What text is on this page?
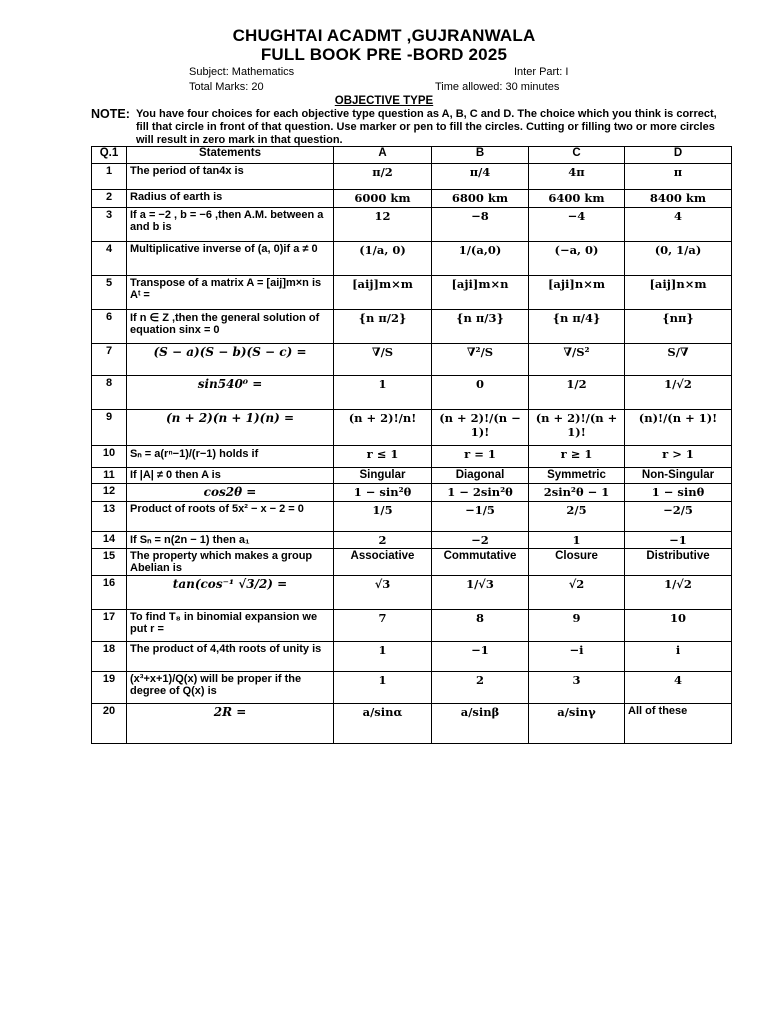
CHUGHTAI ACADMT ,GUJRANWALA
FULL BOOK PRE -BORD 2025
Subject: Mathematics	Inter Part: I
Total Marks: 20	Time allowed: 30 minutes
OBJECTIVE TYPE
NOTE: You have four choices for each objective type question as A, B, C and D. The choice which you think is correct, fill that circle in front of that question. Use marker or pen to fill the circles. Cutting or filling two or more circles will result in zero mark in that question.
Q.1	Statements	A	B	C	D
1	The period of tan4x is	π/2	π/4	4π	π
2	Radius of earth is	6000 km	6800 km	6400 km	8400 km
3	If a = −2 , b = −6 ,then A.M. between a and b is	12	−8	−4	4
4	Multiplicative inverse of (a, 0)if a ≠ 0	(1/a, 0)	1/(a,0)	(−a, 0)	(0, 1/a)
5	Transpose of a matrix A = [aij]m×n is Aᵗ =	[aij]m×m	[aji]m×n	[aji]n×m	[aij]n×m
6	If n ∈ Z ,then the general solution of equation sinx = 0	{n π/2}	{n π/3}	{n π/4}	{nπ}
7	(S − a)(S − b)(S − c) =	∇/S	∇²/S	∇/S²	S/∇
8	sin540⁰ =	1	0	1/2	1/√2
9	(n + 2)(n + 1)(n) =	(n + 2)!/n!	(n + 2)!/(n − 1)!	(n + 2)!/(n + 1)!	(n)!/(n + 1)!
10	Sₙ = a(rⁿ−1)/(r−1) holds if	r ≤ 1	r = 1	r ≥ 1	r > 1
11	If |A| ≠ 0 then A is	Singular	Diagonal	Symmetric	Non-Singular
12	cos2θ =	1 − sin²θ	1 − 2sin²θ	2sin²θ − 1	1 − sinθ
13	Product of roots of 5x² − x − 2 = 0	1/5	−1/5	2/5	−2/5
14	If Sₙ = n(2n − 1) then a₁	2	−2	1	−1
15	The property which makes a group Abelian is	Associative	Commutative	Closure	Distributive
16	tan(cos⁻¹ √3/2) =	√3	1/√3	√2	1/√2
17	To find T₈ in binomial expansion we put r =	7	8	9	10
18	The product of 4,4th roots of unity is	1	−1	−i	i
19	(x³+x+1)/Q(x) will be proper if the degree of Q(x) is	1	2	3	4
20	2R =	a/sinα	a/sinβ	a/sinγ	All of these
